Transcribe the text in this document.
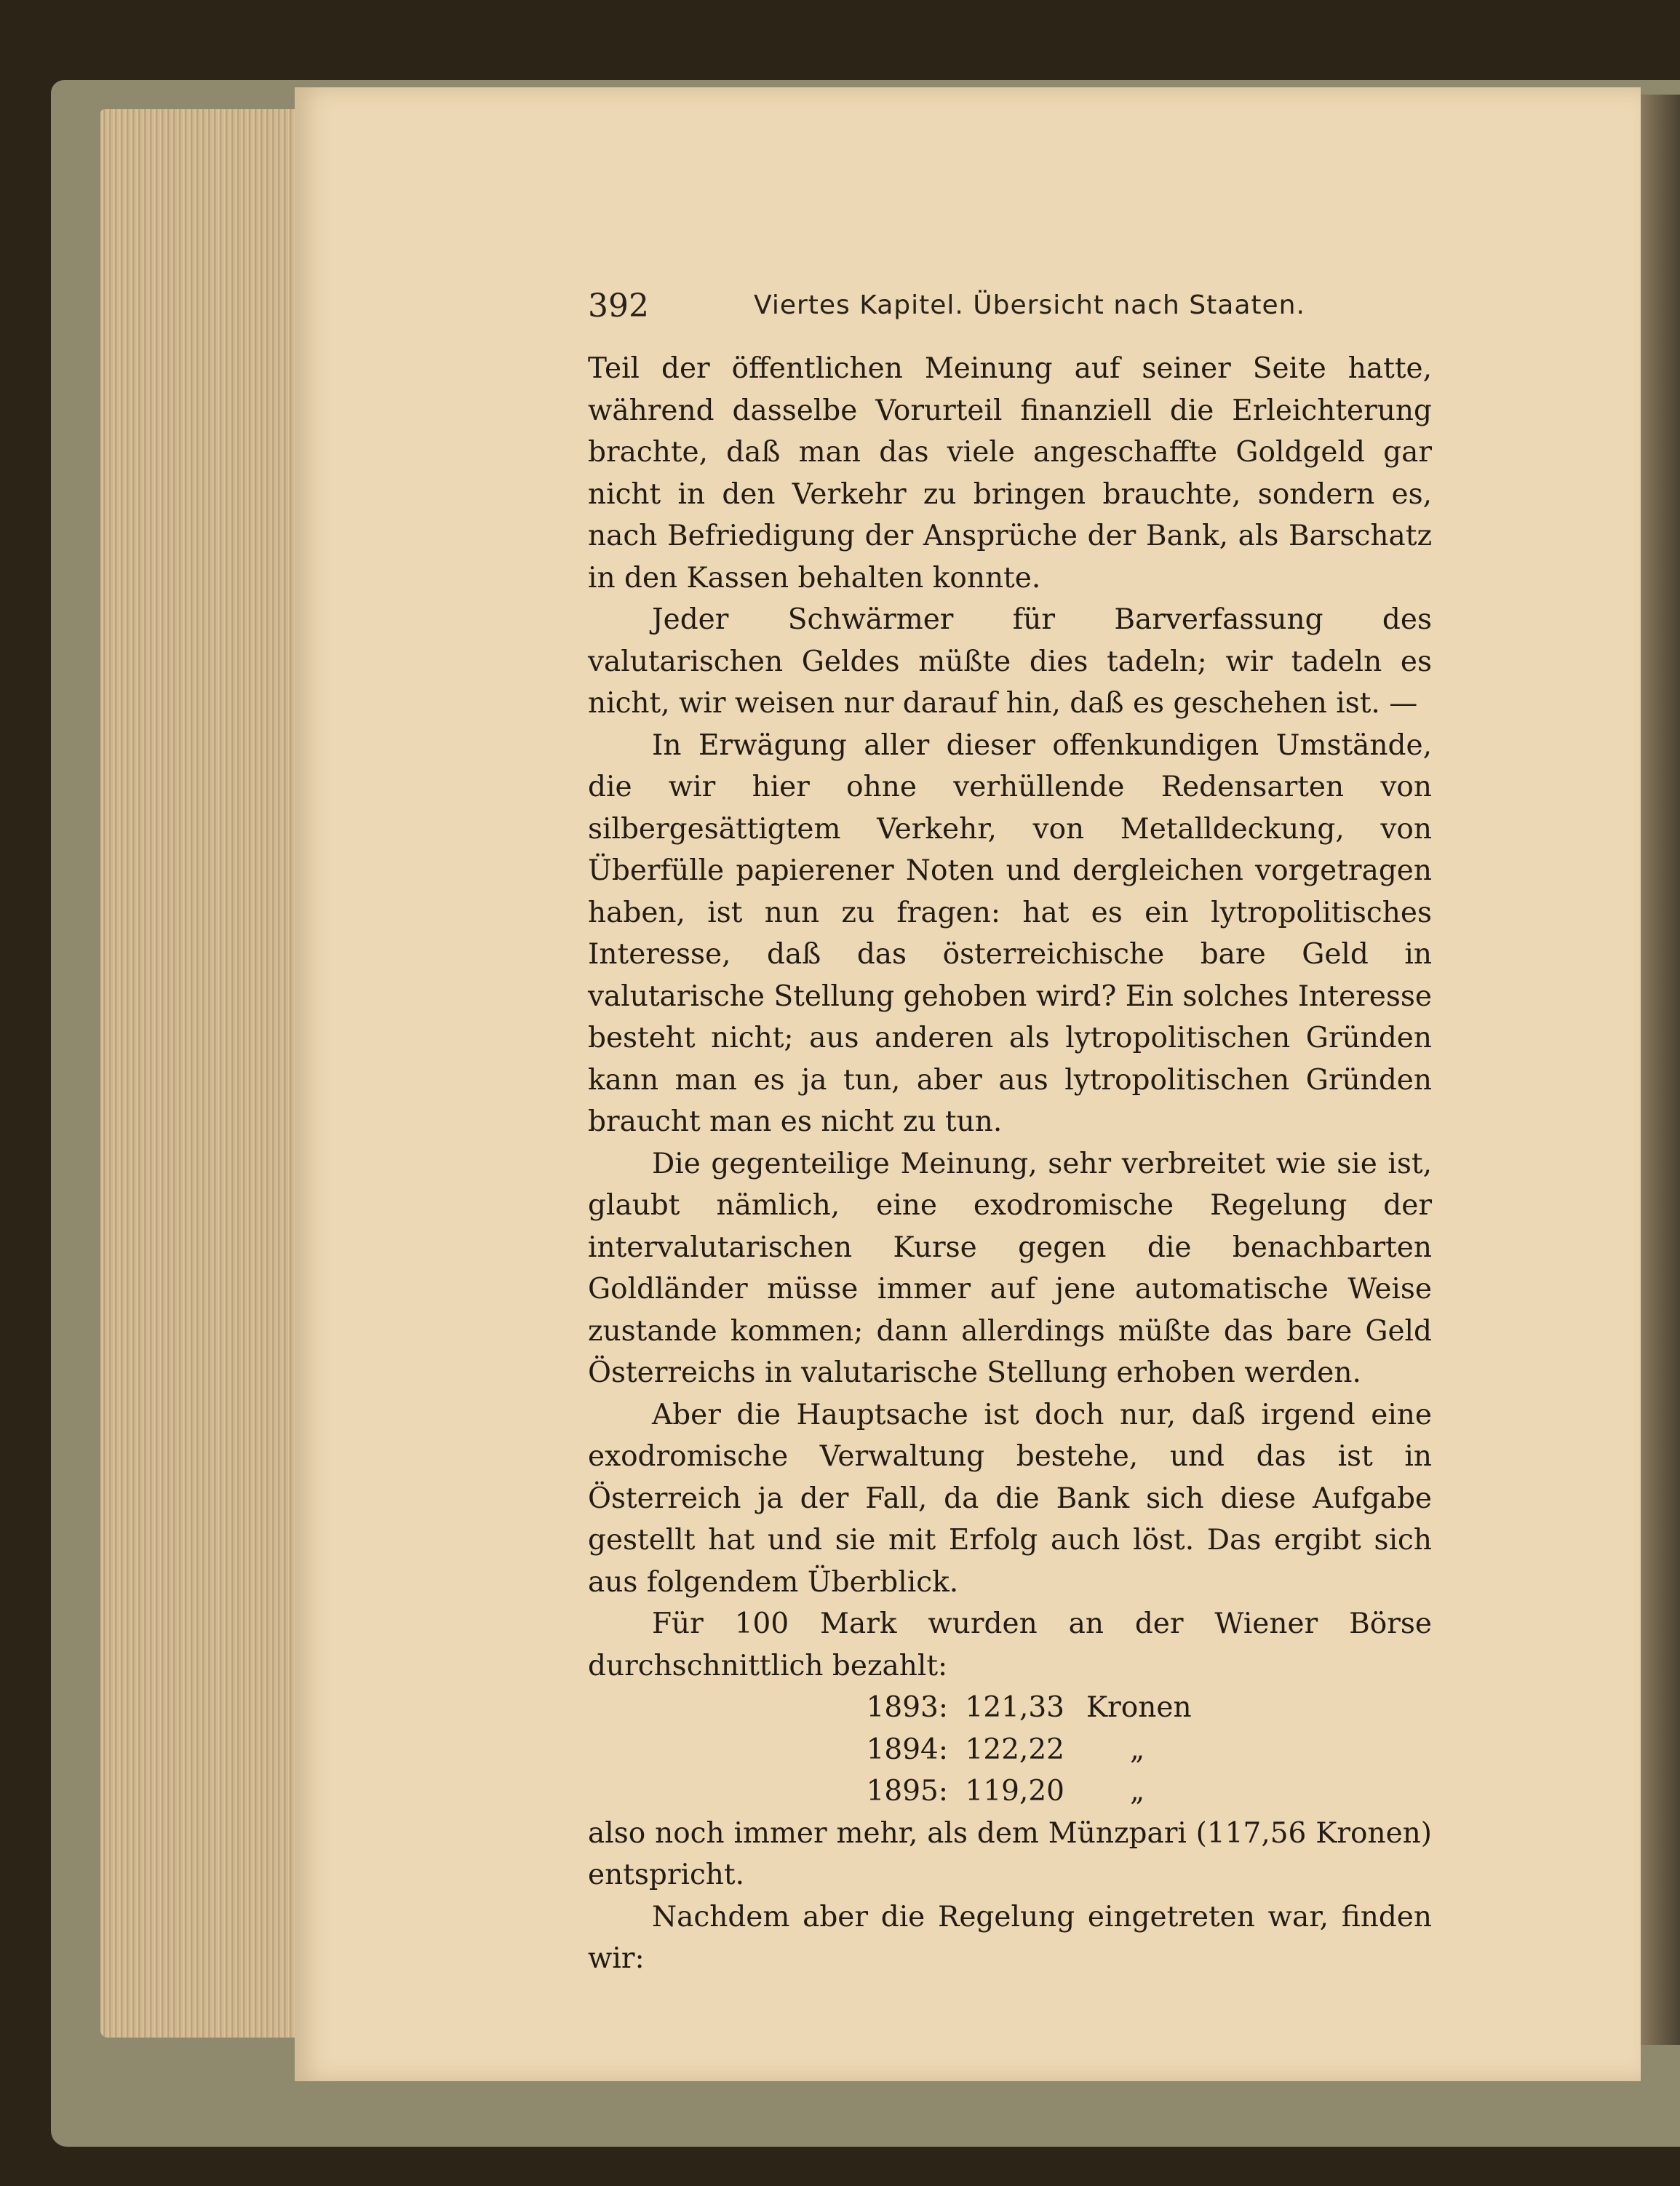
392	Viertes Kapitel. Übersicht nach Staaten.

Teil der öffentlichen Meinung auf seiner Seite hatte, während dasselbe Vorurteil finanziell die Erleichterung brachte, daß man das viele angeschaffte Goldgeld gar nicht in den Verkehr zu bringen brauchte, sondern es, nach Befriedigung der Ansprüche der Bank, als Barschatz in den Kassen behalten konnte.

Jeder Schwärmer für Barverfassung des valutarischen Geldes müßte dies tadeln; wir tadeln es nicht, wir weisen nur darauf hin, daß es geschehen ist. —

In Erwägung aller dieser offenkundigen Umstände, die wir hier ohne verhüllende Redensarten von silbergesättigtem Verkehr, von Metalldeckung, von Überfülle papierener Noten und dergleichen vorgetragen haben, ist nun zu fragen: hat es ein lytropolitisches Interesse, daß das österreichische bare Geld in valutarische Stellung gehoben wird? Ein solches Interesse besteht nicht; aus anderen als lytropolitischen Gründen kann man es ja tun, aber aus lytropolitischen Gründen braucht man es nicht zu tun.

Die gegenteilige Meinung, sehr verbreitet wie sie ist, glaubt nämlich, eine exodromische Regelung der intervalutarischen Kurse gegen die benachbarten Goldländer müsse immer auf jene automatische Weise zustande kommen; dann allerdings müßte das bare Geld Österreichs in valutarische Stellung erhoben werden.

Aber die Hauptsache ist doch nur, daß irgend eine exodromische Verwaltung bestehe, und das ist in Österreich ja der Fall, da die Bank sich diese Aufgabe gestellt hat und sie mit Erfolg auch löst. Das ergibt sich aus folgendem Überblick.

Für 100 Mark wurden an der Wiener Börse durchschnittlich bezahlt:

1893: 121,33 Kronen
1894: 122,22	„
1895: 119,20	„

also noch immer mehr, als dem Münzpari (117,56 Kronen) entspricht.

Nachdem aber die Regelung eingetreten war, finden wir:
